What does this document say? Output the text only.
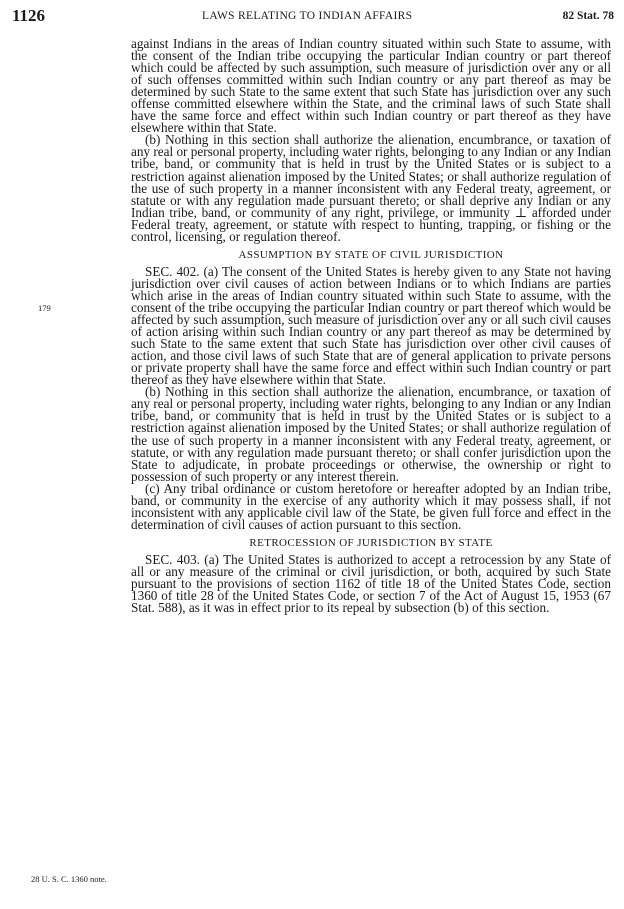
1126	LAWS RELATING TO INDIAN AFFAIRS	82 Stat. 78
179
28 U. S. C. 1360 note.

against Indians in the areas of Indian country situated within such State to assume, with the consent of the Indian tribe occupying the particular Indian country or part thereof which could be affected by such assumption, such measure of jurisdiction over any or all of such offenses committed within such Indian country or any part thereof as may be determined by such State to the same extent that such State has jurisdiction over any such offense committed elsewhere within the State, and the criminal laws of such State shall have the same force and effect within such Indian country or part thereof as they have elsewhere within that State.

(b) Nothing in this section shall authorize the alienation, encumbrance, or taxation of any real or personal property, including water rights, belonging to any Indian or any Indian tribe, band, or community that is held in trust by the United States or is subject to a restriction against alienation imposed by the United States; or shall authorize regulation of the use of such property in a manner inconsistent with any Federal treaty, agreement, or statute or with any regulation made pursuant thereto; or shall deprive any Indian or any Indian tribe, band, or community of any right, privilege, or immunity ⊥ afforded under Federal treaty, agreement, or statute with respect to hunting, trapping, or fishing or the control, licensing, or regulation thereof.

ASSUMPTION BY STATE OF CIVIL JURISDICTION

SEC. 402. (a) The consent of the United States is hereby given to any State not having jurisdiction over civil causes of action between Indians or to which Indians are parties which arise in the areas of Indian country situated within such State to assume, with the consent of the tribe occupying the particular Indian country or part thereof which would be affected by such assumption, such measure of jurisdiction over any or all such civil causes of action arising within such Indian country or any part thereof as may be determined by such State to the same extent that such State has jurisdiction over other civil causes of action, and those civil laws of such State that are of general application to private persons or private property shall have the same force and effect within such Indian country or part thereof as they have elsewhere within that State.

(b) Nothing in this section shall authorize the alienation, encumbrance, or taxation of any real or personal property, including water rights, belonging to any Indian or any Indian tribe, band, or community that is held in trust by the United States or is subject to a restriction against alienation imposed by the United States; or shall authorize regulation of the use of such property in a manner inconsistent with any Federal treaty, agreement, or statute, or with any regulation made pursuant thereto; or shall confer jurisdiction upon the State to adjudicate, in probate proceedings or otherwise, the ownership or right to possession of such property or any interest therein.

(c) Any tribal ordinance or custom heretofore or hereafter adopted by an Indian tribe, band, or community in the exercise of any authority which it may possess shall, if not inconsistent with any applicable civil law of the State, be given full force and effect in the determination of civil causes of action pursuant to this section.

RETROCESSION OF JURISDICTION BY STATE

SEC. 403. (a) The United States is authorized to accept a retrocession by any State of all or any measure of the criminal or civil jurisdiction, or both, acquired by such State pursuant to the provisions of section 1162 of title 18 of the United States Code, section 1360 of title 28 of the United States Code, or section 7 of the Act of August 15, 1953 (67 Stat. 588), as it was in effect prior to its repeal by subsection (b) of this section.
